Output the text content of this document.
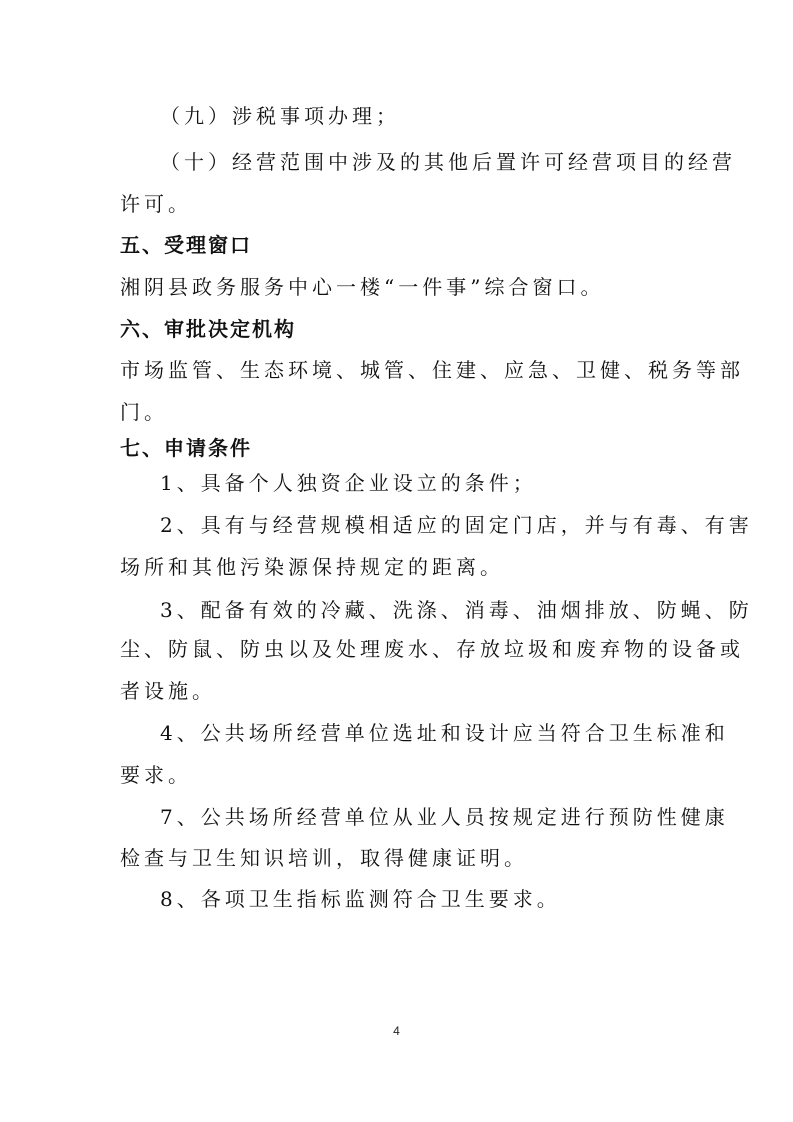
（九）涉税事项办理；
（十）经营范围中涉及的其他后置许可经营项目的经营
许可。
五、受理窗口
湘阴县政务服务中心一楼“一件事”综合窗口。
六、审批决定机构
市场监管、生态环境、城管、住建、应急、卫健、税务等部
门。
七、申请条件
1、具备个人独资企业设立的条件；
2、具有与经营规模相适应的固定门店，并与有毒、有害
场所和其他污染源保持规定的距离。
3、配备有效的冷藏、洗涤、消毒、油烟排放、防蝇、防
尘、防鼠、防虫以及处理废水、存放垃圾和废弃物的设备或
者设施。
4、公共场所经营单位选址和设计应当符合卫生标准和
要求。
7、公共场所经营单位从业人员按规定进行预防性健康
检查与卫生知识培训，取得健康证明。
8、各项卫生指标监测符合卫生要求。
4
